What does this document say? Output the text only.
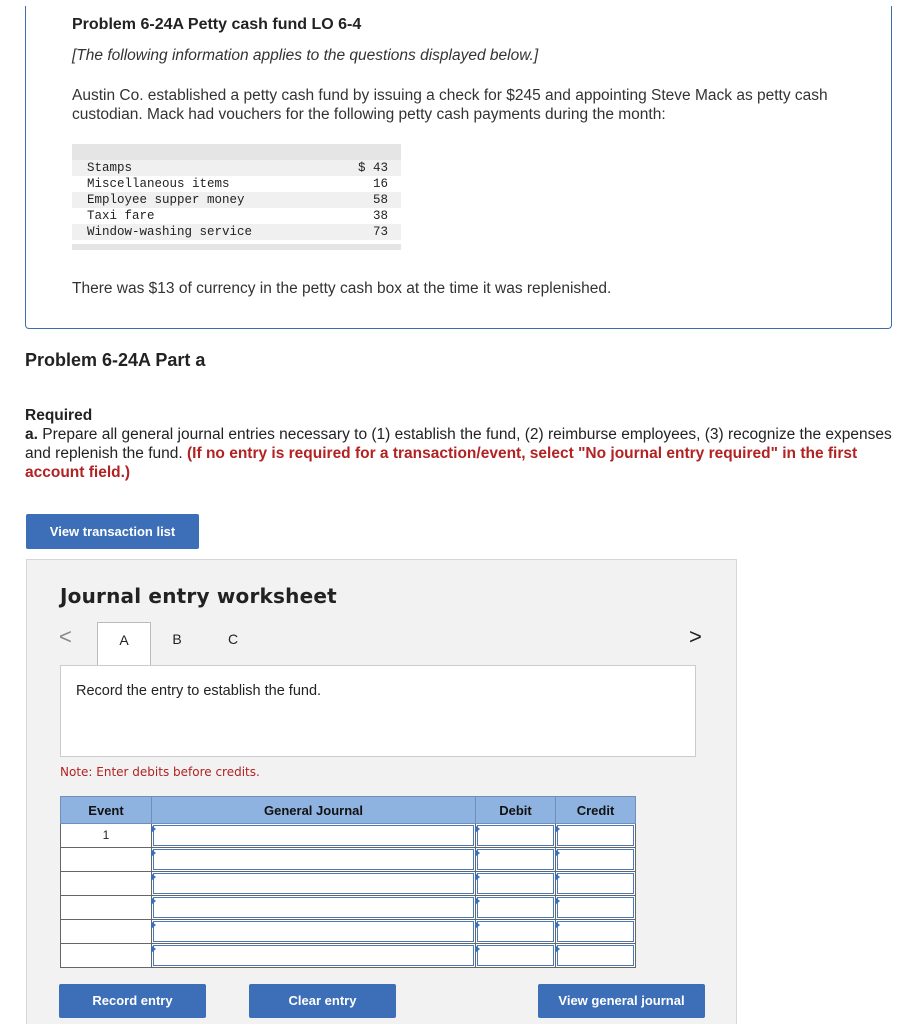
Problem 6-24A Petty cash fund LO 6-4
[The following information applies to the questions displayed below.]
Austin Co. established a petty cash fund by issuing a check for $245 and appointing Steve Mack as petty cash custodian. Mack had vouchers for the following petty cash payments during the month:
Stamps	$ 43
Miscellaneous items	16
Employee supper money	58
Taxi fare	38
Window-washing service	73
There was $13 of currency in the petty cash box at the time it was replenished.
Problem 6-24A Part a
Required
a. Prepare all general journal entries necessary to (1) establish the fund, (2) reimburse employees, (3) recognize the expenses and replenish the fund. (If no entry is required for a transaction/event, select "No journal entry required" in the first account field.)
View transaction list
Journal entry worksheet
<	A	B	C	>
Record the entry to establish the fund.
Note: Enter debits before credits.
Event	General Journal	Debit	Credit
1	

Record entry	Clear entry	View general journal
